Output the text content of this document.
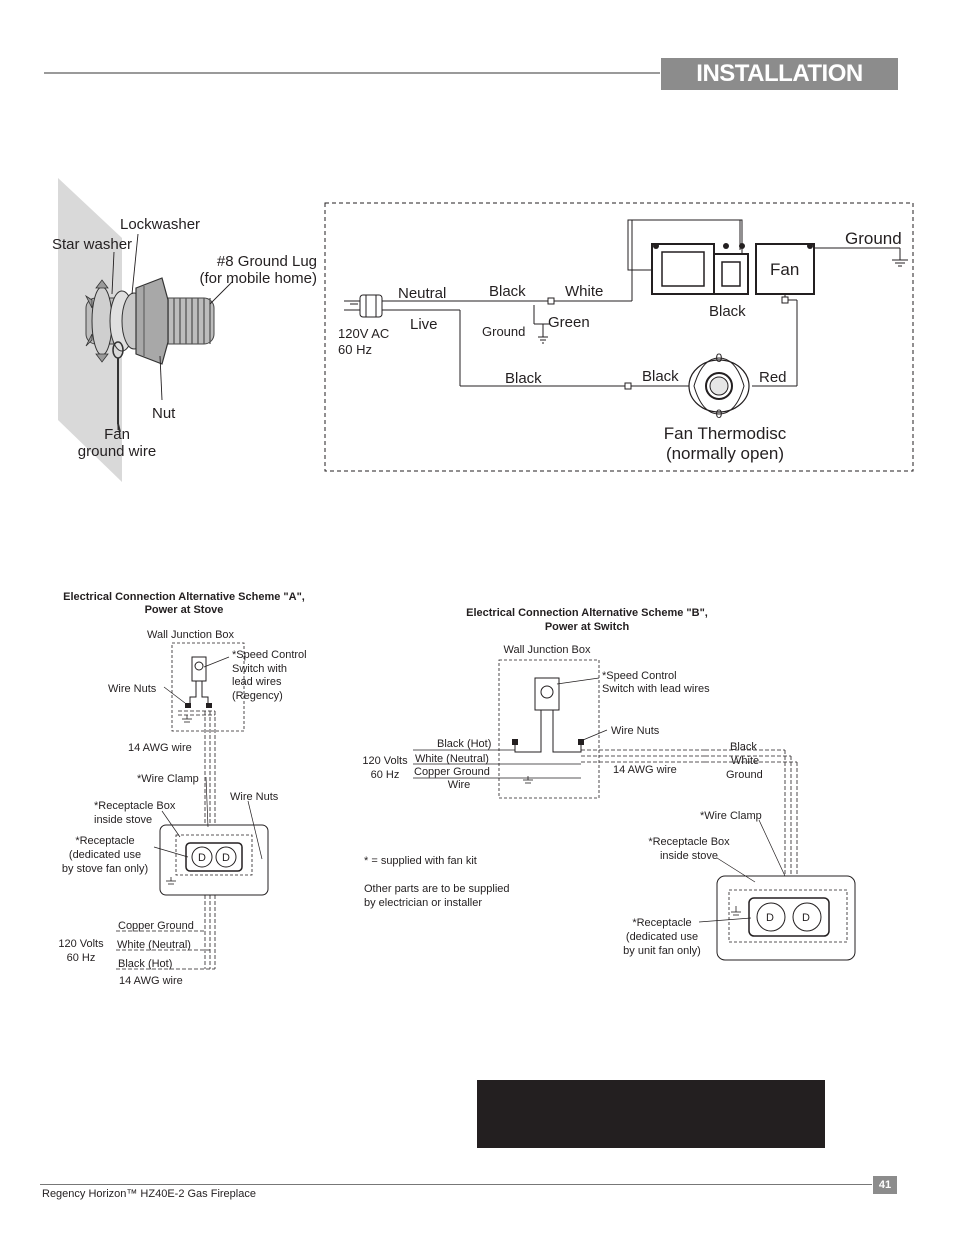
INSTALLATION
Lockwasher
Star washer
#8 Ground Lug
(for mobile home)
Nut
Fan
ground wire
0
0
Neutral
Live
Black	White
Green
Ground
120V AC
60 Hz
Ground
Fan
Black
Black	Black	Red
Fan Thermodisc
(normally open)
Electrical Connection Alternative Scheme "A",
Power at Stove
D D
Wall Junction Box
*Speed Control
Switch with
lead wires
(Regency)
Wire Nuts
14 AWG wire
*Wire Clamp
Wire Nuts
*Receptacle Box
inside stove
*Receptacle
(dedicated use
by stove fan only)
Copper Ground
White (Neutral)
Black (Hot)
120 Volts
60 Hz
14 AWG wire
Electrical Connection Alternative Scheme "B",
Power at Switch
D	D
Wall Junction Box
*Speed Control
Switch with lead wires
Wire Nuts
Black (Hot)
White (Neutral)
Copper Ground
Wire
120 Volts
60 Hz	14 AWG wire
Black
White
Ground
*Wire Clamp
*Receptacle Box
inside stove
*Receptacle
(dedicated use
by unit fan only)
* = supplied with fan kit
Other parts are to be supplied
by electrician or installer
41
Regency Horizon™ HZ40E-2 Gas Fireplace
